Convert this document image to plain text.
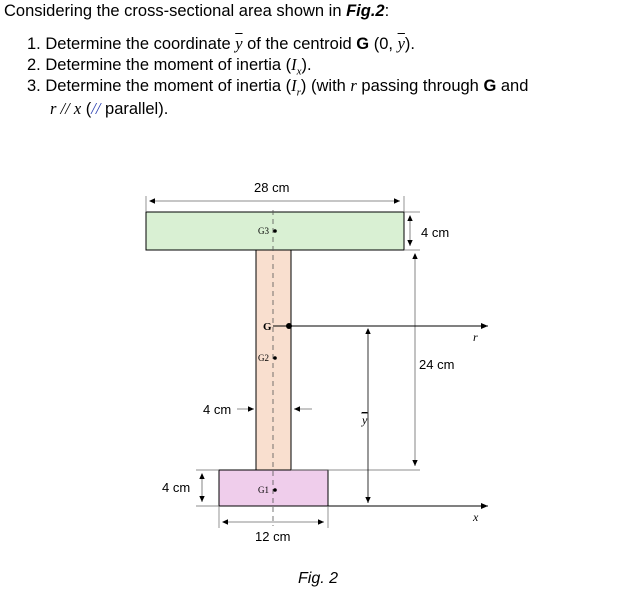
Considering the cross-sectional area shown in Fig.2:
1. Determine the coordinate $\overline{y}$ of the centroid G (0, $\overline{y}$).
2. Determine the moment of inertia $(I_x)$.
3. Determine the moment of inertia $(I_r)$ (with r passing through G and
r // x (// parallel).
28 cm
4 cm
24 cm
r
G
x
y
4 cm
4 cm
12 cm
G3
G2
G1
Fig. 2
